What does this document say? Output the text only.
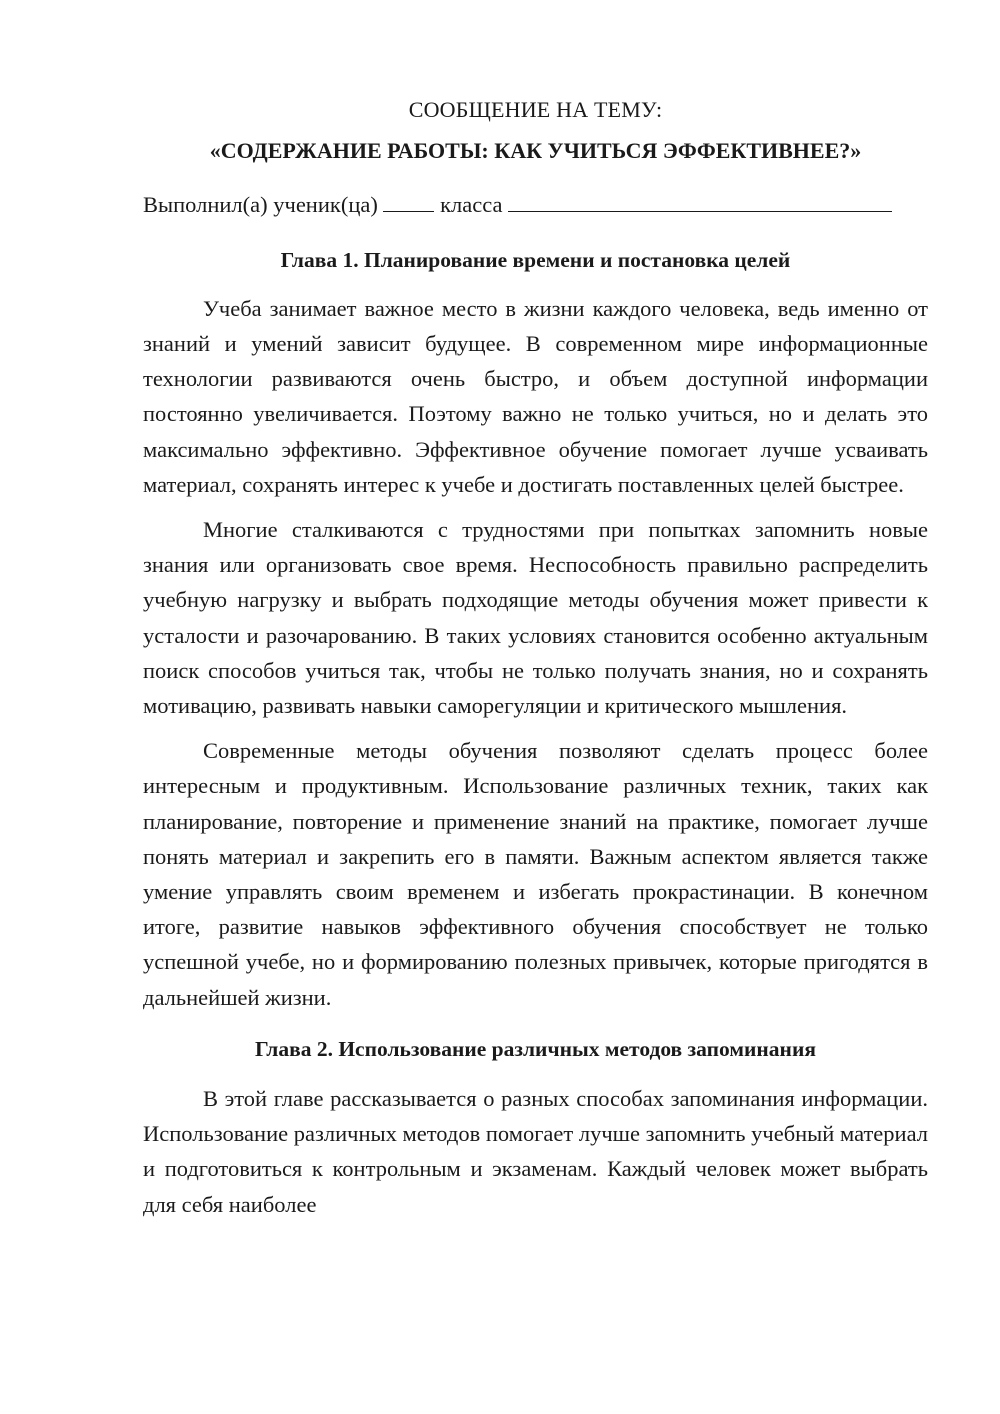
СООБЩЕНИЕ НА ТЕМУ:

«СОДЕРЖАНИЕ РАБОТЫ: КАК УЧИТЬСЯ ЭФФЕКТИВНЕЕ?»

Выполнил(а) ученик(ца)	класса

Глава 1. Планирование времени и постановка целей

Учеба занимает важное место в жизни каждого человека, ведь именно от знаний и умений зависит будущее. В современном мире информационные технологии развиваются очень быстро, и объем доступной информации постоянно увеличивается. Поэтому важно не только учиться, но и делать это максимально эффективно. Эффективное обучение помогает лучше усваивать материал, сохранять интерес к учебе и достигать поставленных целей быстрее.

Многие сталкиваются с трудностями при попытках запомнить новые знания или организовать свое время. Неспособность правильно распределить учебную нагрузку и выбрать подходящие методы обучения может привести к усталости и разочарованию. В таких условиях становится особенно актуальным поиск способов учиться так, чтобы не только получать знания, но и сохранять мотивацию, развивать навыки саморегуляции и критического мышления.

Современные методы обучения позволяют сделать процесс более интересным и продуктивным. Использование различных техник, таких как планирование, повторение и применение знаний на практике, помогает лучше понять материал и закрепить его в памяти. Важным аспектом является также умение управлять своим временем и избегать прокрастинации. В конечном итоге, развитие навыков эффективного обучения способствует не только успешной учебе, но и формированию полезных привычек, которые пригодятся в дальнейшей жизни.

Глава 2. Использование различных методов запоминания

В этой главе рассказывается о разных способах запоминания информации. Использование различных методов помогает лучше запомнить учебный материал и подготовиться к контрольным и экзаменам. Каждый человек может выбрать для себя наиболее
